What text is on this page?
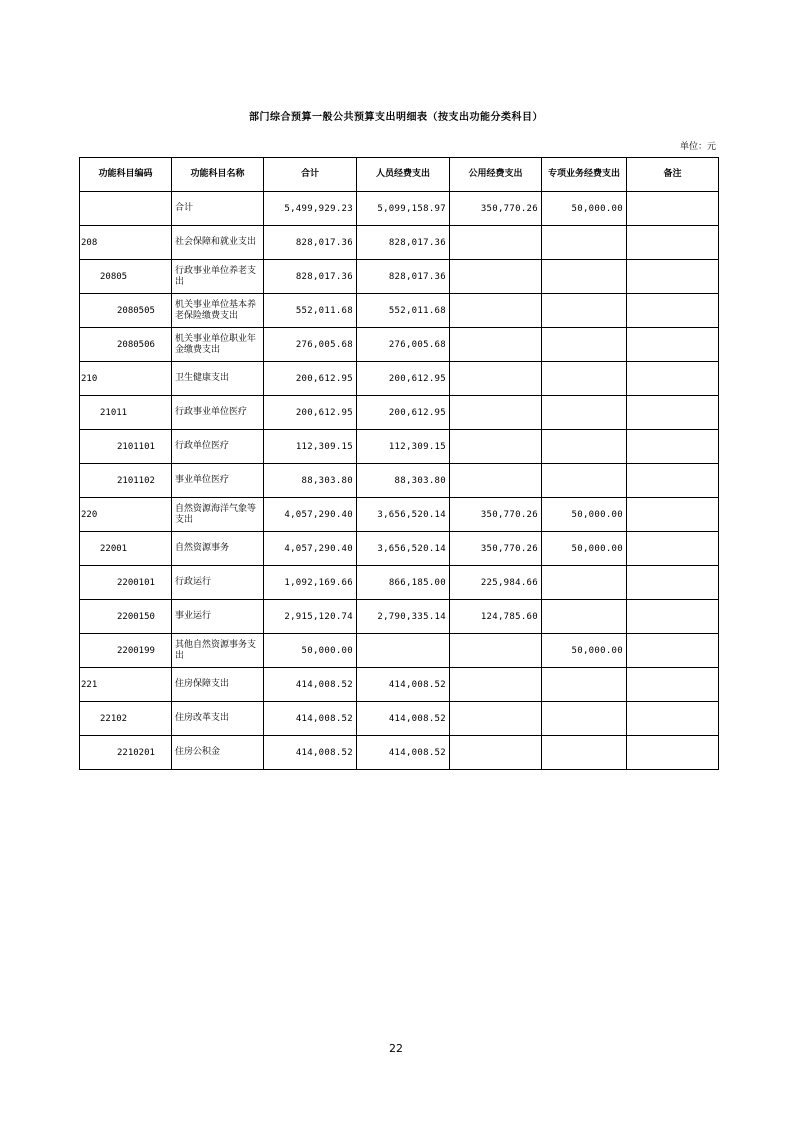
部门综合预算一般公共预算支出明细表（按支出功能分类科目）
单位：元
功能科目编码	功能科目名称	合计	人员经费支出	公用经费支出	专项业务经费支出	备注
	合计	5,499,929.23	5,099,158.97	350,770.26	50,000.00	
208	社会保障和就业支出	828,017.36	828,017.36			
20805	行政事业单位养老支出	828,017.36	828,017.36			
2080505	机关事业单位基本养老保险缴费支出	552,011.68	552,011.68			
2080506	机关事业单位职业年金缴费支出	276,005.68	276,005.68			
210	卫生健康支出	200,612.95	200,612.95			
21011	行政事业单位医疗	200,612.95	200,612.95			
2101101	行政单位医疗	112,309.15	112,309.15			
2101102	事业单位医疗	88,303.80	88,303.80			
220	自然资源海洋气象等支出	4,057,290.40	3,656,520.14	350,770.26	50,000.00	
22001	自然资源事务	4,057,290.40	3,656,520.14	350,770.26	50,000.00	
2200101	行政运行	1,092,169.66	866,185.00	225,984.66		
2200150	事业运行	2,915,120.74	2,790,335.14	124,785.60		
2200199	其他自然资源事务支出	50,000.00			50,000.00	
221	住房保障支出	414,008.52	414,008.52			
22102	住房改革支出	414,008.52	414,008.52			
2210201	住房公积金	414,008.52	414,008.52			
22
